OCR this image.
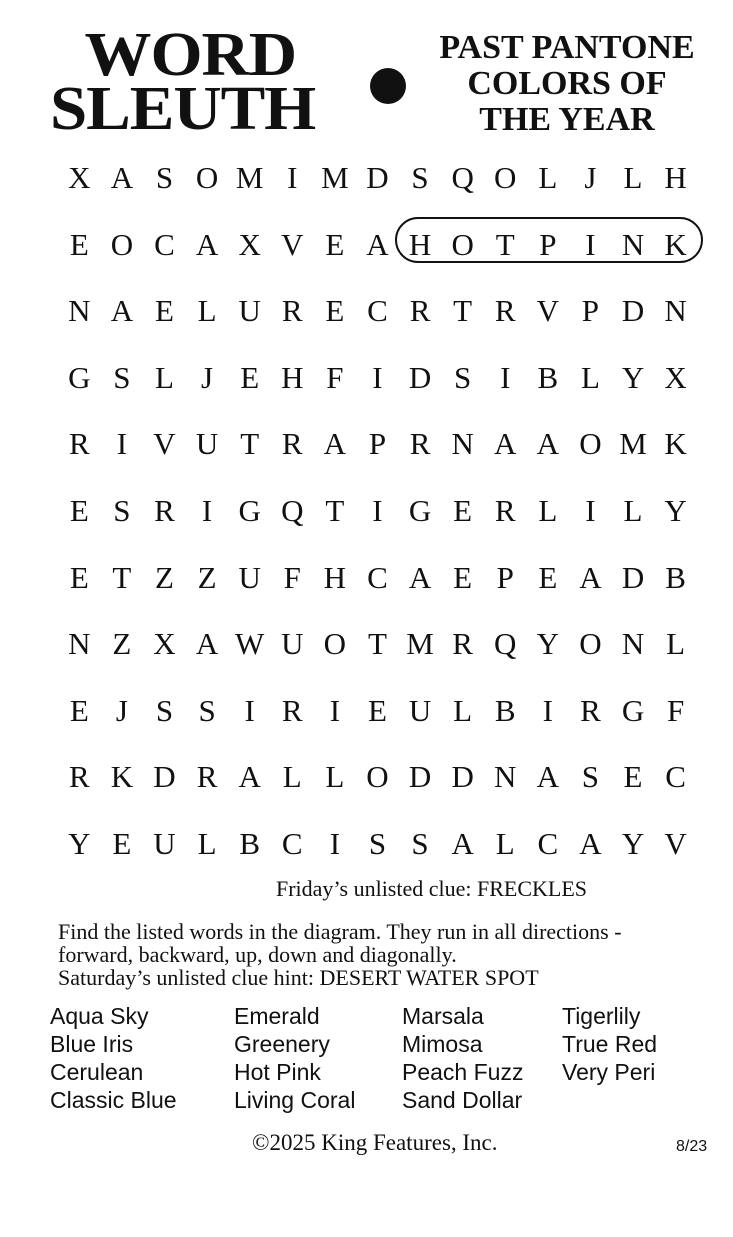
WORD
SLEUTH
PAST PANTONE
COLORS OF
THE YEAR
X A S O M I M D S Q O L J L H
E O C A X V E A H O T P I N K
N A E L U R E C R T R V P D N
G S L J E H F I D S I B L Y X
R I V U T R A P R N A A O M K
E S R I G Q T I G E R L I L Y
E T Z Z U F H C A E P E A D B
N Z X A W U O T M R Q Y O N L
E J S S I R I E U L B I R G F
R K D R A L L O D D N A S E C
Y E U L B C I S S A L C A Y V
Friday’s unlisted clue: FRECKLES
Find the listed words in the diagram. They run in all directions -
forward, backward, up, down and diagonally.
Saturday’s unlisted clue hint: DESERT WATER SPOT
Aqua Sky
Blue Iris
Cerulean
Classic Blue
Emerald
Greenery
Hot Pink
Living Coral
Marsala
Mimosa
Peach Fuzz
Sand Dollar
Tigerlily
True Red
Very Peri
©2025 King Features, Inc.	8/23
